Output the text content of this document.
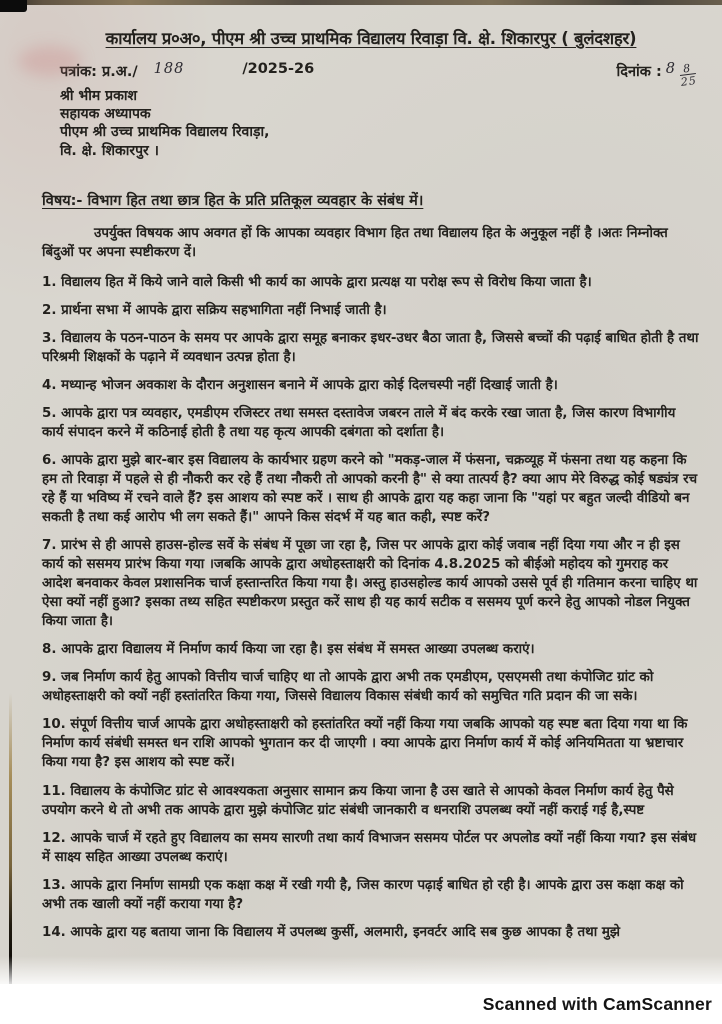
कार्यालय प्र०अ०, पीएम श्री उच्च प्राथमिक विद्यालय रिवाड़ा वि. क्षे. शिकारपुर ( बुलंदशहर)
पत्रांक: प्र.अ./ 188	/2025-26	दिनांक : $8 \frac{8}{25}$
श्री भीम प्रकाश
सहायक अध्यापक
पीएम श्री उच्च प्राथमिक विद्यालय रिवाड़ा,
वि. क्षे. शिकारपुर ।
विषय:- विभाग हित तथा छात्र हित के प्रति प्रतिकूल व्यवहार के संबंध में।

उपर्युक्त विषयक आप अवगत हों कि आपका व्यवहार विभाग हित तथा विद्यालय हित के अनुकूल नहीं है ।अतः निम्नोक्त बिंदुओं पर अपना स्पष्टीकरण दें।

1. विद्यालय हित में किये जाने वाले किसी भी कार्य का आपके द्वारा प्रत्यक्ष या परोक्ष रूप से विरोध किया जाता है।

2. प्रार्थना सभा में आपके द्वारा सक्रिय सहभागिता नहीं निभाई जाती है।

3. विद्यालय के पठन-पाठन के समय पर आपके द्वारा समूह बनाकर इधर-उधर बैठा जाता है, जिससे बच्चों की पढ़ाई बाधित होती है तथा परिश्रमी शिक्षकों के पढ़ाने में व्यवधान उत्पन्न होता है।

4. मध्यान्ह भोजन अवकाश के दौरान अनुशासन बनाने में आपके द्वारा कोई दिलचस्पी नहीं दिखाई जाती है।

5. आपके द्वारा पत्र व्यवहार, एमडीएम रजिस्टर तथा समस्त दस्तावेज जबरन ताले में बंद करके रखा जाता है, जिस कारण विभागीय कार्य संपादन करने में कठिनाई होती है तथा यह कृत्य आपकी दबंगता को दर्शाता है।

6. आपके द्वारा मुझे बार-बार इस विद्यालय के कार्यभार ग्रहण करने को "मकड़-जाल में फंसना, चक्रव्यूह में फंसना तथा यह कहना कि हम तो रिवाड़ा में पहले से ही नौकरी कर रहे हैं तथा नौकरी तो आपको करनी है" से क्या तात्पर्य है? क्या आप मेरे विरुद्ध कोई षड्यंत्र रच रहे हैं या भविष्य में रचने वाले हैं? इस आशय को स्पष्ट करें । साथ ही आपके द्वारा यह कहा जाना कि "यहां पर बहुत जल्दी वीडियो बन सकती है तथा कई आरोप भी लग सकते हैं।" आपने किस संदर्भ में यह बात कही, स्पष्ट करें?

7. प्रारंभ से ही आपसे हाउस-होल्ड सर्वे के संबंध में पूछा जा रहा है, जिस पर आपके द्वारा कोई जवाब नहीं दिया गया और न ही इस कार्य को ससमय प्रारंभ किया गया ।जबकि आपके द्वारा अधोहस्ताक्षरी को दिनांक 4.8.2025 को बीईओ महोदय को गुमराह कर आदेश बनवाकर केवल प्रशासनिक चार्ज हस्तान्तरित किया गया है। अस्तु हाउसहोल्ड कार्य आपको उससे पूर्व ही गतिमान करना चाहिए था ऐसा क्यों नहीं हुआ? इसका तथ्य सहित स्पष्टीकरण प्रस्तुत करें साथ ही यह कार्य सटीक व ससमय पूर्ण करने हेतु आपको नोडल नियुक्त किया जाता है।

8. आपके द्वारा विद्यालय में निर्माण कार्य किया जा रहा है। इस संबंध में समस्त आख्या उपलब्ध कराएं।

9. जब निर्माण कार्य हेतु आपको वित्तीय चार्ज चाहिए था तो आपके द्वारा अभी तक एमडीएम, एसएमसी तथा कंपोजिट ग्रांट को अधोहस्ताक्षरी को क्यों नहीं हस्तांतरित किया गया, जिससे विद्यालय विकास संबंधी कार्य को समुचित गति प्रदान की जा सके।

10. संपूर्ण वित्तीय चार्ज आपके द्वारा अधोहस्ताक्षरी को हस्तांतरित क्यों नहीं किया गया जबकि आपको यह स्पष्ट बता दिया गया था कि निर्माण कार्य संबंधी समस्त धन राशि आपको भुगतान कर दी जाएगी । क्या आपके द्वारा निर्माण कार्य में कोई अनियमितता या भ्रष्टाचार किया गया है? इस आशय को स्पष्ट करें।

11. विद्यालय के कंपोजिट ग्रांट से आवश्यकता अनुसार सामान क्रय किया जाना है उस खाते से आपको केवल निर्माण कार्य हेतु पैसे उपयोग करने थे तो अभी तक आपके द्वारा मुझे कंपोजिट ग्रांट संबंधी जानकारी व धनराशि उपलब्ध क्यों नहीं कराई गई है,स्पष्ट

12. आपके चार्ज में रहते हुए विद्यालय का समय सारणी तथा कार्य विभाजन ससमय पोर्टल पर अपलोड क्यों नहीं किया गया? इस संबंध में साक्ष्य सहित आख्या उपलब्ध कराएं।

13. आपके द्वारा निर्माण सामग्री एक कक्षा कक्ष में रखी गयी है, जिस कारण पढ़ाई बाधित हो रही है। आपके द्वारा उस कक्षा कक्ष को अभी तक खाली क्यों नहीं कराया गया है?

14. आपके द्वारा यह बताया जाना कि विद्यालय में उपलब्ध कुर्सी, अलमारी, इनवर्टर आदि सब कुछ आपका है तथा मुझे

Scanned with CamScanner
